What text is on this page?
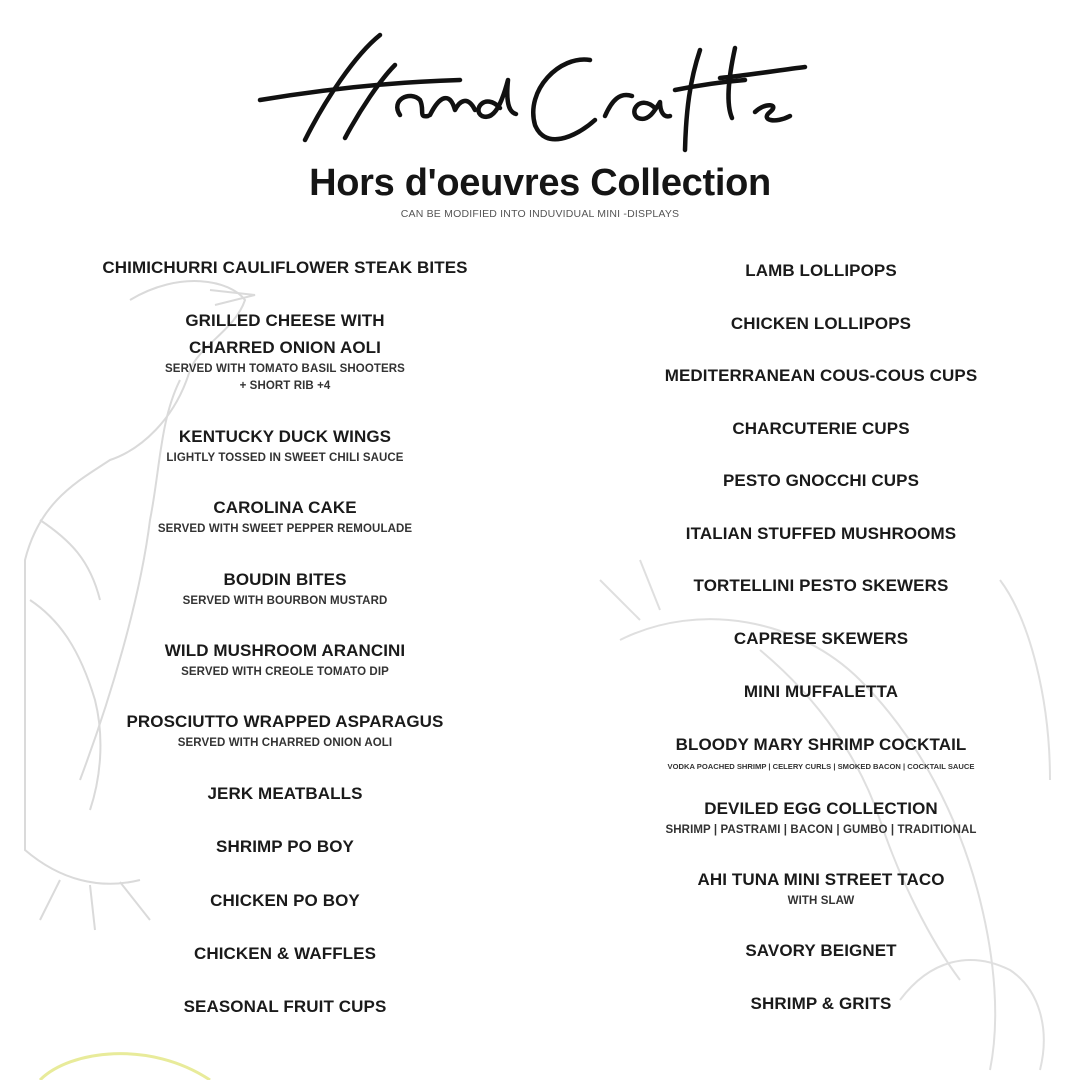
Hors d'oeuvres Collection
CAN BE MODIFIED INTO INDUVIDUAL MINI -DISPLAYS
CHIMICHURRI CAULIFLOWER STEAK BITES
GRILLED CHEESE WITH
CHARRED ONION AOLI
SERVED WITH TOMATO BASIL SHOOTERS
+ SHORT RIB +4
KENTUCKY DUCK WINGS
LIGHTLY TOSSED IN SWEET CHILI SAUCE
CAROLINA CAKE
SERVED WITH SWEET PEPPER REMOULADE
BOUDIN BITES
SERVED WITH BOURBON MUSTARD
WILD MUSHROOM ARANCINI
SERVED WITH CREOLE TOMATO DIP
PROSCIUTTO WRAPPED ASPARAGUS
SERVED WITH CHARRED ONION AOLI
JERK MEATBALLS
SHRIMP PO BOY
CHICKEN PO BOY
CHICKEN & WAFFLES
SEASONAL FRUIT CUPS
LAMB LOLLIPOPS
CHICKEN LOLLIPOPS
MEDITERRANEAN COUS-COUS CUPS
CHARCUTERIE CUPS
PESTO GNOCCHI CUPS
ITALIAN STUFFED MUSHROOMS
TORTELLINI PESTO SKEWERS
CAPRESE SKEWERS
MINI MUFFALETTA
BLOODY MARY SHRIMP COCKTAIL
VODKA POACHED SHRIMP | CELERY CURLS | SMOKED BACON | COCKTAIL SAUCE
DEVILED EGG COLLECTION
SHRIMP | PASTRAMI | BACON | GUMBO | TRADITIONAL
AHI TUNA MINI STREET TACO
WITH SLAW
SAVORY BEIGNET
SHRIMP & GRITS
